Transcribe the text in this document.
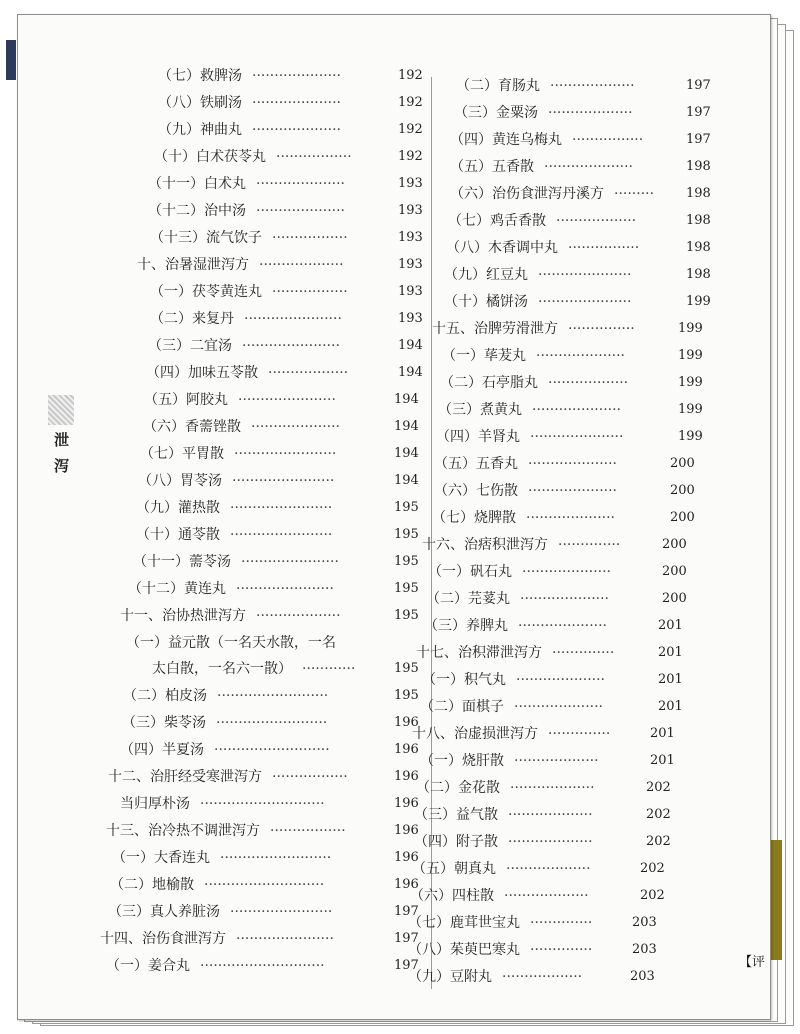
泄
泻
（七）救脾汤 ····················	192
（八）铁刷汤 ····················	192
（九）神曲丸 ····················	192
（十）白术茯苓丸 ·················	192
（十一）白术丸 ····················	193
（十二）治中汤 ····················	193
（十三）流气饮子 ·················	193
十、治暑湿泄泻方 ···················	193
（一）茯苓黄连丸 ·················	193
（二）来复丹 ······················	193
（三）二宜汤 ······················	194
（四）加味五苓散 ··················	194
（五）阿胶丸 ······················	194
（六）香薷锉散 ····················	194
（七）平胃散 ·······················	194
（八）胃苓汤 ·······················	194
（九）灌热散 ·······················	195
（十）通苓散 ·······················	195
（十一）薷苓汤 ······················	195
（十二）黄连丸 ······················	195
十一、治协热泄泻方 ···················	195
（一）益元散（一名天水散，一名
太白散，一名六一散） ············	195
（二）柏皮汤 ·························	195
（三）柴苓汤 ·························	196
（四）半夏汤 ··························	196
十二、治肝经受寒泄泻方 ·················	196
当归厚朴汤 ····························	196
十三、治冷热不调泄泻方 ·················	196
（一）大香连丸 ·························	196
（二）地榆散 ···························	196
（三）真人养脏汤 ·······················	197
十四、治伤食泄泻方 ······················	197
（一）姜合丸 ····························	197
（二）育肠丸 ···················	197
（三）金粟汤 ···················	197
（四）黄连乌梅丸 ················	197
（五）五香散 ····················	198
（六）治伤食泄泻丹溪方 ·········	198
（七）鸡舌香散 ··················	198
（八）木香调中丸 ················	198
（九）红豆丸 ·····················	198
（十）橘饼汤 ·····················	199
十五、治脾劳滑泄方 ···············	199
（一）荜茇丸 ····················	199
（二）石亭脂丸 ··················	199
（三）煮黄丸 ····················	199
（四）羊肾丸 ·····················	199
（五）五香丸 ····················	200
（六）七伤散 ····················	200
（七）烧脾散 ····················	200
十六、治痞积泄泻方 ··············	200
（一）矾石丸 ····················	200
（二）芫荽丸 ····················	200
（三）养脾丸 ····················	201
十七、治积滞泄泻方 ··············	201
（一）积气丸 ····················	201
（二）面棋子 ····················	201
十八、治虚损泄泻方 ··············	201
（一）烧肝散 ···················	201
（二）金花散 ···················	202
（三）益气散 ···················	202
（四）附子散 ···················	202
（五）朝真丸 ···················	202
（六）四柱散 ···················	202
（七）鹿茸世宝丸 ··············	203
（八）茱萸巴寒丸 ··············	203
（九）豆附丸 ··················	203
【评
